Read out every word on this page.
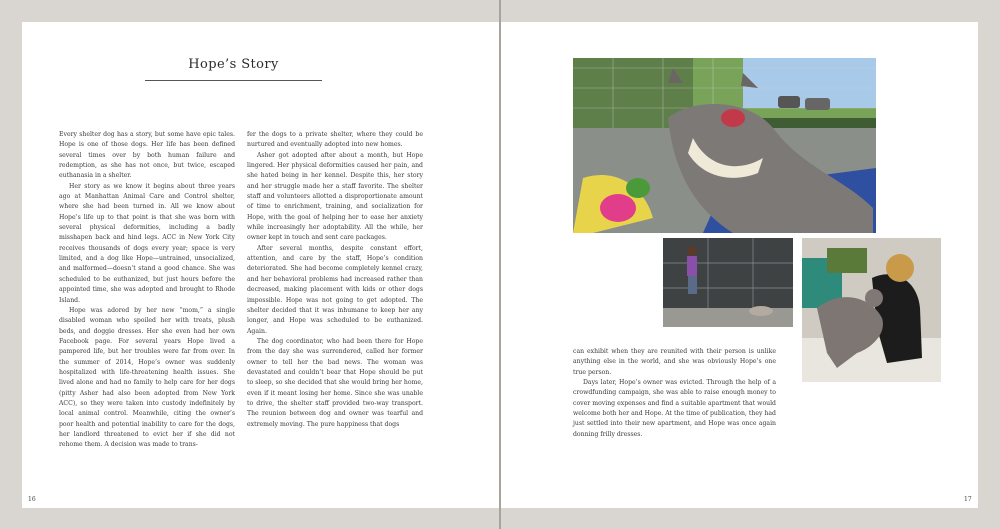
Hope’s Story

Every shelter dog has a story, but some have epic tales. Hope is one of those dogs. Her life has been defined several times over by both human failure and redemption, as she has not once, but twice, escaped euthanasia in a shelter.

Her story as we know it begins about three years ago at Manhattan Animal Care and Control shelter, where she had been turned in. All we know about Hope’s life up to that point is that she was born with several physical deformities, including a badly misshapen back and hind legs. ACC in New York City receives thousands of dogs every year; space is very limited, and a dog like Hope—untrained, unsocialized, and malformed—doesn’t stand a good chance. She was scheduled to be euthanized, but just hours before the appointed time, she was adopted and brought to Rhode Island.

Hope was adored by her new “mom,” a single disabled woman who spoiled her with treats, plush beds, and doggie dresses. Her she even had her own Facebook page. For several years Hope lived a pampered life, but her troubles were far from over. In the summer of 2014, Hope’s owner was suddenly hospitalized with life-threatening health issues. She lived alone and had no family to help care for her dogs (pitty Asher had also been adopted from New York ACC), so they were taken into custody indefinitely by local animal control. Meanwhile, citing the owner’s poor health and potential inability to care for the dogs, her landlord threatened to evict her if she did not rehome them. A decision was made to trans-

fer the dogs to a private shelter, where they could be nurtured and eventually adopted into new homes.

Asher got adopted after about a month, but Hope lingered. Her physical deformities caused her pain, and she hated being in her kennel. Despite this, her story and her struggle made her a staff favorite. The shelter staff and volunteers allotted a disproportionate amount of time to enrichment, training, and socialization for Hope, with the goal of helping her to ease her anxiety while increasingly her adoptability. All the while, her owner kept in touch and sent care packages.

After several months, despite constant effort, attention, and care by the staff, Hope’s condition deteriorated. She had become completely kennel crazy, and her behavioral problems had increased rather than decreased, making placement with kids or other dogs impossible. Hope was not going to get adopted. The shelter decided that it was inhumane to keep her any longer, and Hope was scheduled to be euthanized. Again.

The dog coordinator, who had been there for Hope from the day she was surrendered, called her former owner to tell her the bad news. The woman was devastated and couldn’t bear that Hope should be put to sleep, so she decided that she would bring her home, even if it meant losing her home. Since she was unable to drive, the shelter staff provided two-way transport. The reunion between dog and owner was tearful and extremely moving. The pure happiness that dogs

can exhibit when they are reunited with their person is unlike anything else in the world, and she was obviously Hope’s one true person.

Days later, Hope’s owner was evicted. Through the help of a crowdfunding campaign, she was able to raise enough money to cover moving expenses and find a suitable apartment that would welcome both her and Hope. At the time of publication, they had just settled into their new apartment, and Hope was once again donning frilly dresses.

16	17
